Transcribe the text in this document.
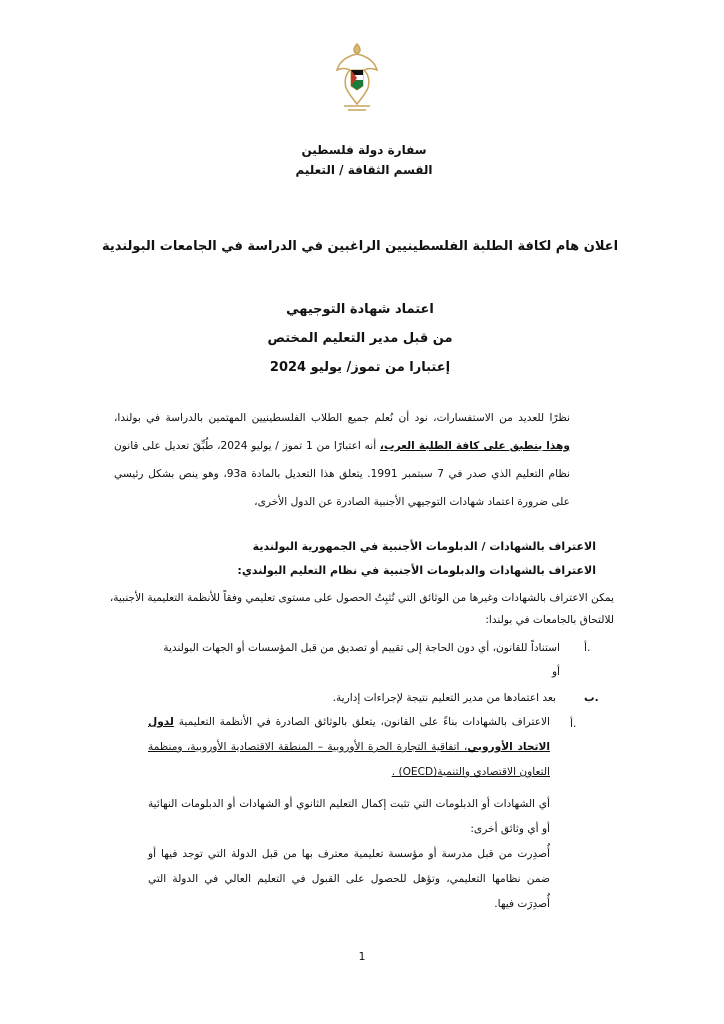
سفارة دولة فلسطين
القسم الثقافة / التعليم
اعلان هام لكافة الطلبة الفلسطينيين الراغبين في الدراسة في الجامعات البولندية
اعتماد شهادة التوجيهي
من قبل مدير التعليم المختص
إعتبارا من تموز/ يوليو 2024
نظرًا للعديد من الاستفسارات، نود أن نُعلم جميع الطلاب الفلسطينيين المهتمين بالدراسة في بولندا، وهذا ينطبق على كافة الطلبة العرب، أنه اعتبارًا من 1 تموز / يوليو 2024، طُبِّقَ تعديل على قانون نظام التعليم الذي صدر في 7 سبتمبر 1991. يتعلق هذا التعديل بالمادة 93a، وهو ينص بشكل رئيسي على ضرورة اعتماد شهادات التوجيهي الأجنبية الصادرة عن الدول الأخرى،
الاعتراف بالشهادات / الدبلومات الأجنبية في الجمهورية البولندية
الاعتراف بالشهادات والدبلومات الأجنبية في نظام التعليم البولندي:
يمكن الاعتراف بالشهادات وغيرها من الوثائق التي تُثبِتُ الحصول على مستوى تعليمي وفقاً للأنظمة التعليمية الأجنبية،
للالتحاق بالجامعات في بولندا:
أ.
استناداً للقانون، أي دون الحاجة إلى تقييم أو تصديق من قبل المؤسسات أو الجهات البولندية
أو
ب.
بعد اعتمادها من مدير التعليم نتيجة لإجراءات إدارية.
أ.
الاعتراف بالشهادات بناءً على القانون، يتعلق بالوثائق الصادرة في الأنظمة التعليمية لدول الاتحاد الأوروبي، اتفاقية التجارة الحرة الأوروبية – المنطقة الاقتصادية الأوروبية، ومنظمة التعاون الاقتصادي والتنمية(OECD) .
أي الشهادات أو الدبلومات التي تثبت إكمال التعليم الثانوي أو الشهادات أو الدبلومات النهائية أو أي وثائق أخرى:
أُصدِرت من قبل مدرسة أو مؤسسة تعليمية معترف بها من قبل الدولة التي توجد فيها أو ضمن نظامها التعليمي، وتؤهل للحصول على القبول في التعليم العالي في الدولة التي أُصدِرَت فيها.
1
